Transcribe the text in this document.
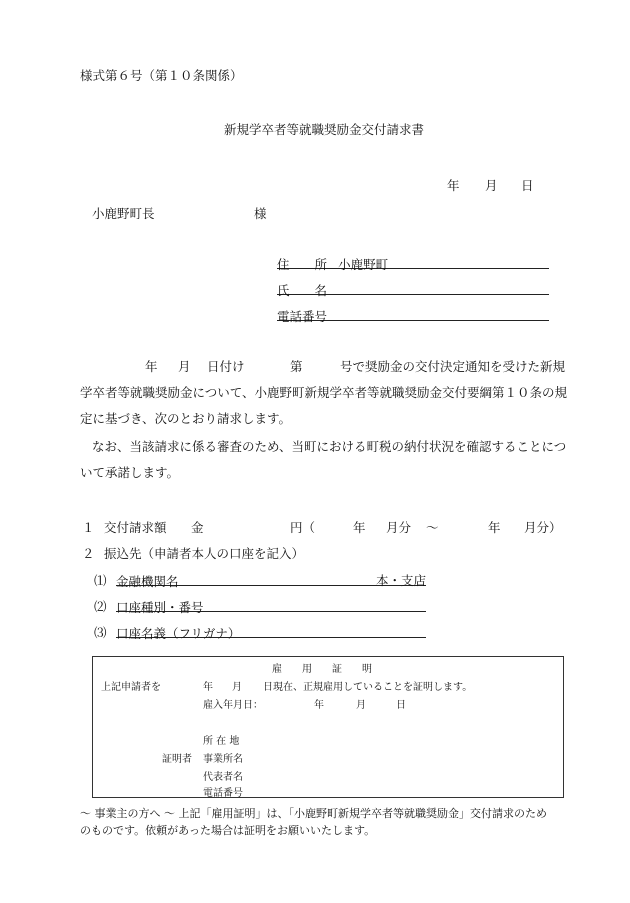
様式第６号（第１０条関係）
新規学卒者等就職奨励金交付請求書
年 月 日
小鹿野町長	様
住　　所 小鹿野町
氏　　名
電話番号
年 月 日付け	第	号で奨励金の交付決定通知を受けた新規
学卒者等就職奨励金について、小鹿野町新規学卒者等就職奨励金交付要綱第１０条の規
定に基づき、次のとおり請求します。
なお、当該請求に係る審査のため、当町における町税の納付状況を確認することにつ
いて承諾します。
１ 交付請求額 金	円（	年 月分 ～	年 月分）
２ 振込先（申請者本人の口座を記入）
⑴ 金融機関名	本・支店
⑵ 口座種別・番号
⑶ 口座名義（フリガナ）
雇　　用　　証　　明
上記申請者を	年 月 日現在、正規雇用していることを証明します。
雇入年月日：	年	月	日
所 在 地
証明者 事業所名
代表者名
電話番号
～ 事業主の方へ ～ 上記「雇用証明」は、「小鹿野町新規学卒者等就職奨励金」交付請求のため
のものです。依頼があった場合は証明をお願いいたします。
